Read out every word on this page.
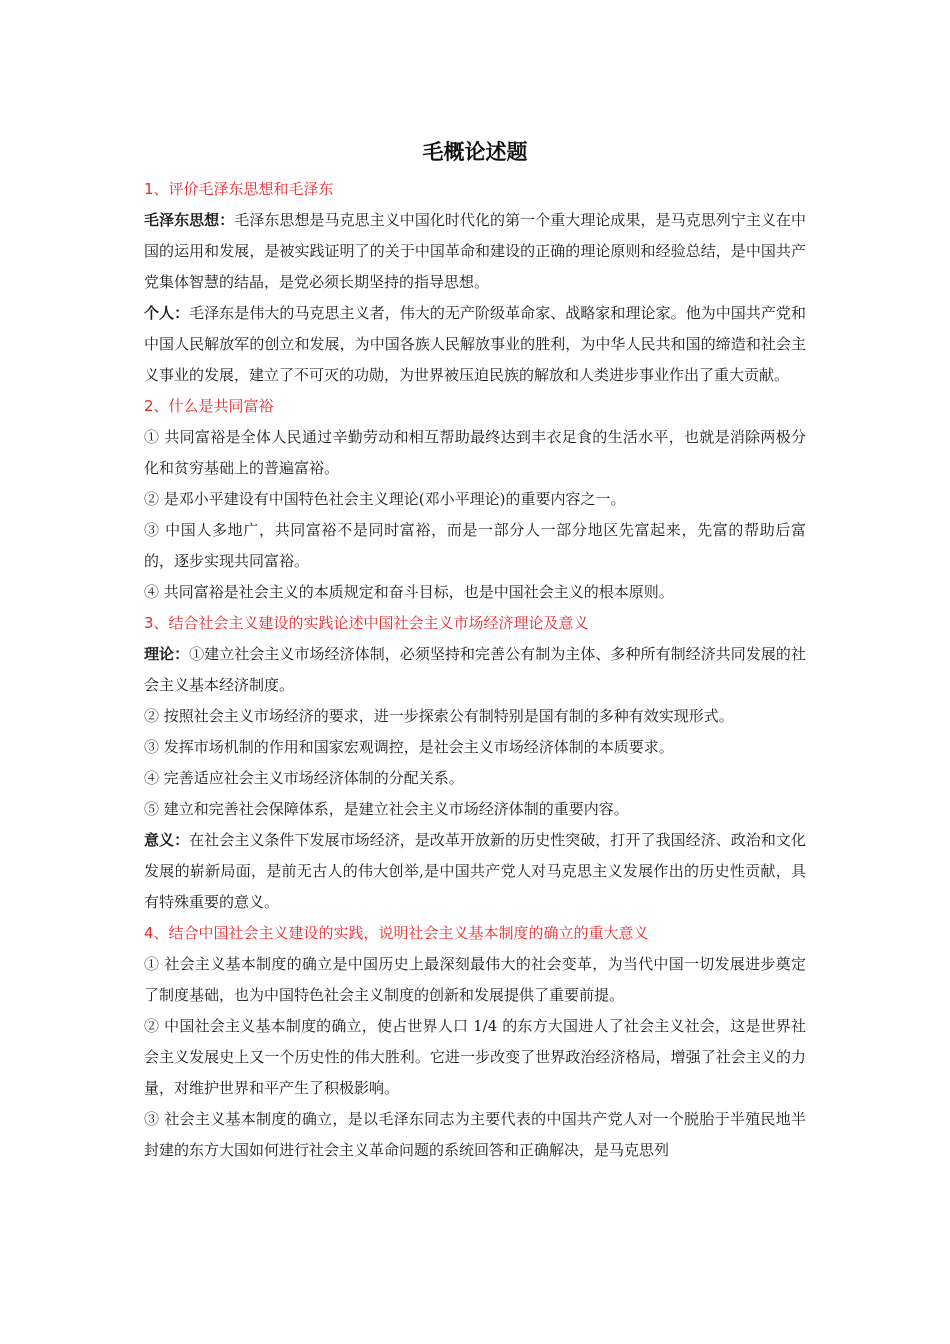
毛概论述题

1、评价毛泽东思想和毛泽东

毛泽东思想：毛泽东思想是马克思主义中国化时代化的第一个重大理论成果，是马克思列宁主义在中国的运用和发展，是被实践证明了的关于中国革命和建设的正确的理论原则和经验总结，是中国共产党集体智慧的结晶，是党必须长期坚持的指导思想。

个人：毛泽东是伟大的马克思主义者，伟大的无产阶级革命家、战略家和理论家。他为中国共产党和中国人民解放军的创立和发展，为中国各族人民解放事业的胜利，为中华人民共和国的缔造和社会主义事业的发展，建立了不可灭的功勋，为世界被压迫民族的解放和人类进步事业作出了重大贡献。

2、什么是共同富裕

① 共同富裕是全体人民通过辛勤劳动和相互帮助最终达到丰衣足食的生活水平，也就是消除两极分化和贫穷基础上的普遍富裕。

② 是邓小平建设有中国特色社会主义理论(邓小平理论)的重要内容之一。

③ 中国人多地广，共同富裕不是同时富裕，而是一部分人一部分地区先富起来，先富的帮助后富的，逐步实现共同富裕。

④ 共同富裕是社会主义的本质规定和奋斗目标，也是中国社会主义的根本原则。

3、结合社会主义建设的实践论述中国社会主义市场经济理论及意义

理论：①建立社会主义市场经济体制，必须坚持和完善公有制为主体、多种所有制经济共同发展的社会主义基本经济制度。

② 按照社会主义市场经济的要求，进一步探索公有制特别是国有制的多种有效实现形式。

③ 发挥市场机制的作用和国家宏观调控，是社会主义市场经济体制的本质要求。

④ 完善适应社会主义市场经济体制的分配关系。

⑤ 建立和完善社会保障体系，是建立社会主义市场经济体制的重要内容。

意义：在社会主义条件下发展市场经济，是改革开放新的历史性突破，打开了我国经济、政治和文化发展的崭新局面，是前无古人的伟大创举,是中国共产党人对马克思主义发展作出的历史性贡献，具有特殊重要的意义。

4、结合中国社会主义建设的实践，说明社会主义基本制度的确立的重大意义

① 社会主义基本制度的确立是中国历史上最深刻最伟大的社会变革，为当代中国一切发展进步奠定了制度基础，也为中国特色社会主义制度的创新和发展提供了重要前提。

② 中国社会主义基本制度的确立，使占世界人口 1/4 的东方大国进人了社会主义社会，这是世界社会主义发展史上又一个历史性的伟大胜利。它进一步改变了世界政治经济格局，增强了社会主义的力量，对维护世界和平产生了积极影响。

③ 社会主义基本制度的确立，是以毛泽东同志为主要代表的中国共产党人对一个脱胎于半殖民地半封建的东方大国如何进行社会主义革命问题的系统回答和正确解决，是马克思列
